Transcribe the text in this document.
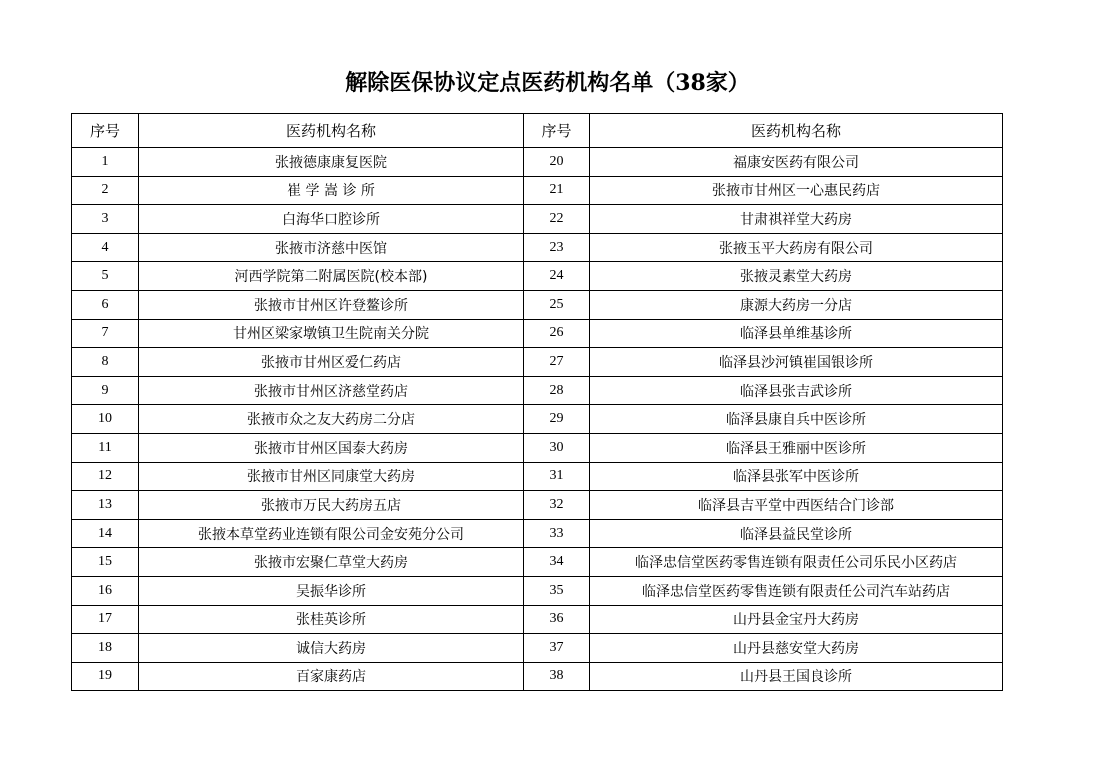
解除医保协议定点医药机构名单（38家）
序号	医药机构名称	序号	医药机构名称
1	张掖德康康复医院	20	福康安医药有限公司
2	崔 学 嵩 诊 所	21	张掖市甘州区一心惠民药店
3	白海华口腔诊所	22	甘肃祺祥堂大药房
4	张掖市济慈中医馆	23	张掖玉平大药房有限公司
5	河西学院第二附属医院(校本部)	24	张掖灵素堂大药房
6	张掖市甘州区许登鳌诊所	25	康源大药房一分店
7	甘州区梁家墩镇卫生院南关分院	26	临泽县单维基诊所
8	张掖市甘州区爱仁药店	27	临泽县沙河镇崔国银诊所
9	张掖市甘州区济慈堂药店	28	临泽县张吉武诊所
10	张掖市众之友大药房二分店	29	临泽县康自兵中医诊所
11	张掖市甘州区国泰大药房	30	临泽县王雅丽中医诊所
12	张掖市甘州区同康堂大药房	31	临泽县张军中医诊所
13	张掖市万民大药房五店	32	临泽县吉平堂中西医结合门诊部
14	张掖本草堂药业连锁有限公司金安苑分公司	33	临泽县益民堂诊所
15	张掖市宏聚仁草堂大药房	34	临泽忠信堂医药零售连锁有限责任公司乐民小区药店
16	吴振华诊所	35	临泽忠信堂医药零售连锁有限责任公司汽车站药店
17	张桂英诊所	36	山丹县金宝丹大药房
18	诚信大药房	37	山丹县慈安堂大药房
19	百家康药店	38	山丹县王国良诊所
